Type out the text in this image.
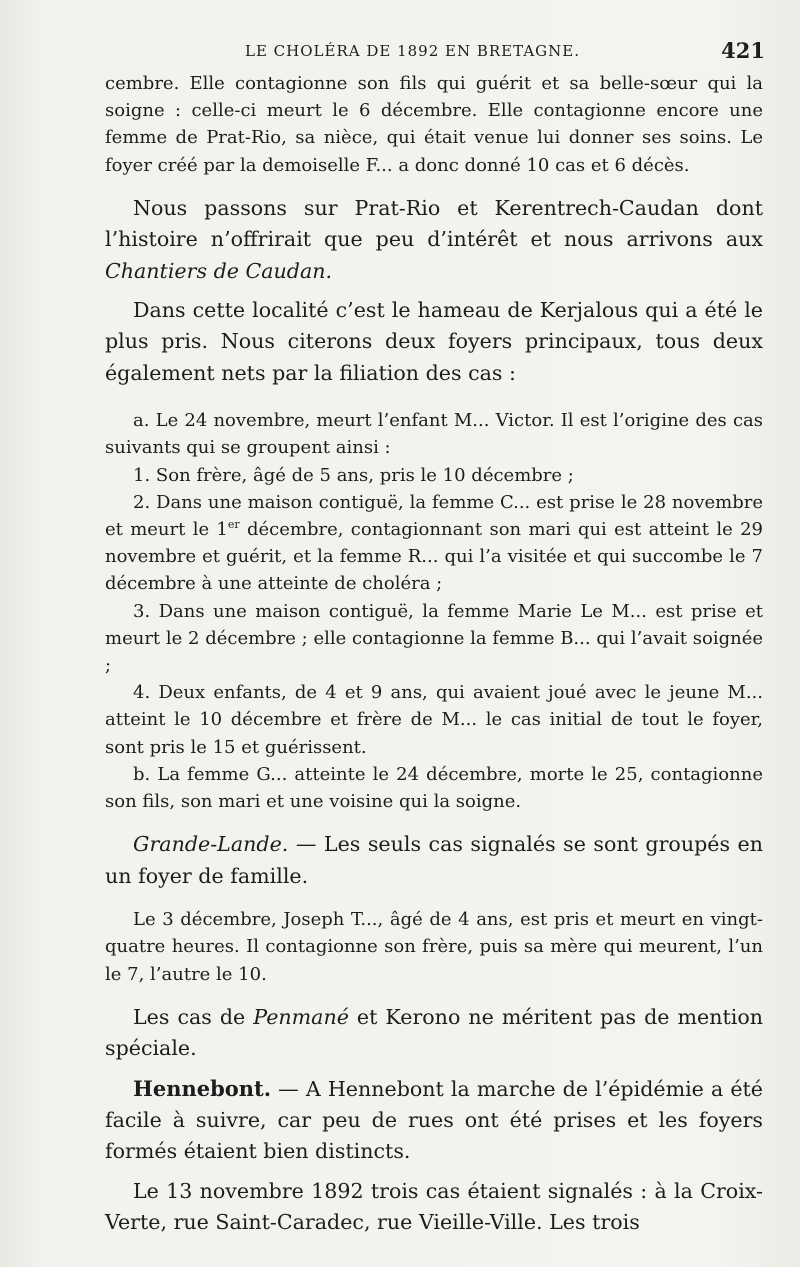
LE CHOLÉRA DE 1892 EN BRETAGNE.	421

cembre. Elle contagionne son fils qui guérit et sa belle-sœur qui la soigne : celle-ci meurt le 6 décembre. Elle contagionne encore une femme de Prat-Rio, sa nièce, qui était venue lui donner ses soins. Le foyer créé par la demoiselle F... a donc donné 10 cas et 6 décès.

Nous passons sur Prat-Rio et Kerentrech-Caudan dont l’histoire n’offrirait que peu d’intérêt et nous arrivons aux Chantiers de Caudan.

Dans cette localité c’est le hameau de Kerjalous qui a été le plus pris. Nous citerons deux foyers principaux, tous deux également nets par la filiation des cas :

a. Le 24 novembre, meurt l’enfant M... Victor. Il est l’origine des cas suivants qui se groupent ainsi :

1. Son frère, âgé de 5 ans, pris le 10 décembre ;

2. Dans une maison contiguë, la femme C... est prise le 28 novembre et meurt le 1er décembre, contagionnant son mari qui est atteint le 29 novembre et guérit, et la femme R... qui l’a visitée et qui succombe le 7 décembre à une atteinte de choléra ;

3. Dans une maison contiguë, la femme Marie Le M... est prise et meurt le 2 décembre ; elle contagionne la femme B... qui l’avait soignée ;

4. Deux enfants, de 4 et 9 ans, qui avaient joué avec le jeune M... atteint le 10 décembre et frère de M... le cas initial de tout le foyer, sont pris le 15 et guérissent.

b. La femme G... atteinte le 24 décembre, morte le 25, contagionne son fils, son mari et une voisine qui la soigne.

Grande-Lande. — Les seuls cas signalés se sont groupés en un foyer de famille.

Le 3 décembre, Joseph T..., âgé de 4 ans, est pris et meurt en vingt-quatre heures. Il contagionne son frère, puis sa mère qui meurent, l’un le 7, l’autre le 10.

Les cas de Penmané et Kerono ne méritent pas de mention spéciale.

Hennebont. — A Hennebont la marche de l’épidémie a été facile à suivre, car peu de rues ont été prises et les foyers formés étaient bien distincts.

Le 13 novembre 1892 trois cas étaient signalés : à la Croix-Verte, rue Saint-Caradec, rue Vieille-Ville. Les trois
